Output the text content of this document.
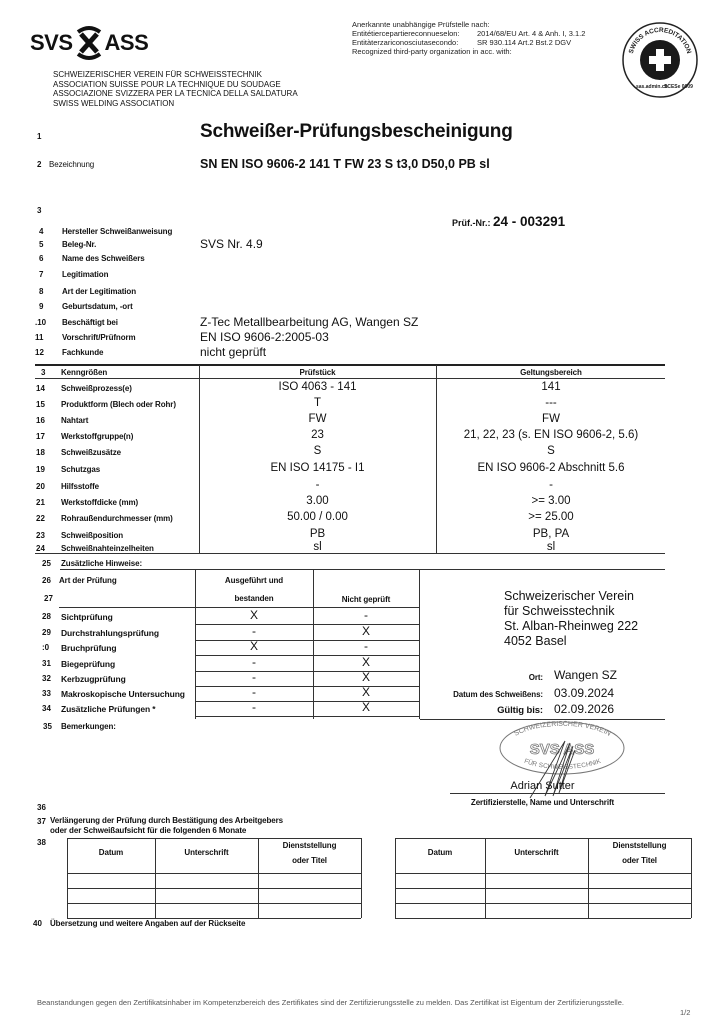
SVS ASS
SCHWEIZERISCHER VEREIN FÜR SCHWEISSTECHNIK
ASSOCIATION SUISSE POUR LA TECHNIQUE DU SOUDAGE
ASSOCIAZIONE SVIZZERA PER LA TECNICA DELLA SALDATURA
SWISS WELDING ASSOCIATION
Anerkannte unabhängige Prüfstelle nach:
Entitétiercepartiereconnueselon:	2014/68/EU Art. 4 & Anh. I, 3.1.2
Entitàterzariconosciutasecondo:	SR 930.114 Art.2 Bst.2 DGV
Recognized third-party organization in acc. with:	SWISS ACCREDITATION
sas.admin.ch
SCESe 0009
1	Schweißer-Prüfungsbescheinigung
2 Bezeichnung	SN EN ISO 9606-2 141 T FW 23 S t3,0 D50,0 PB sl
3
Prüf.-Nr.: 24 - 003291
4 Hersteller Schweißanweisung
5 Beleg-Nr.	SVS Nr. 4.9
6 Name des Schweißers
7 Legitimation
8 Art der Legitimation
9 Geburtsdatum, -ort
.10 Beschäftigt bei	Z-Tec Metallbearbeitung AG, Wangen SZ
11 Vorschrift/Prüfnorm	EN ISO 9606-2:2005-03
12 Fachkunde	nicht geprüft
3 Kenngrößen	Prüfstück	Geltungsbereich
14 Schweißprozess(e)	ISO 4063 - 141	141
15 Produktform (Blech oder Rohr)	T	---
16 Nahtart	FW	FW
17 Werkstoffgruppe(n)	23	21, 22, 23 (s. EN ISO 9606-2, 5.6)
18 Schweißzusätze	S	S
19 Schutzgas	EN ISO 14175 - I1	EN ISO 9606-2 Abschnitt 5.6
20 Hilfsstoffe	-	-
21 Werkstoffdicke (mm)	3.00	>= 3.00
22 Rohraußendurchmesser (mm)	50.00 / 0.00	>= 25.00
23 Schweißposition	PB	PB, PA
24 Schweißnahteinzelheiten	sl	sl
25 Zusätzliche Hinweise:
26 Art der Prüfung	Ausgeführt und
27	bestanden	Nicht geprüft
28 Sichtprüfung	X	-
29 Durchstrahlungsprüfung	-	X
:0 Bruchprüfung	X	-
31 Biegeprüfung	-	X
32 Kerbzugprüfung	-	X
33 Makroskopische Untersuchung	-	X
34 Zusätzliche Prüfungen *	-	X
35 Bemerkungen:
Schweizerischer Verein
für Schweisstechnik
St. Alban-Rheinweg 222
4052 Basel
Ort: Wangen SZ
Datum des Schweißens: 03.09.2024
Gültig bis: 02.09.2026
SCHWEIZERISCHER VEREIN
SVS ASS
FÜR SCHWEISSTECHNIK
Adrian Sutter
Zertifizierstelle, Name und Unterschrift
36
37 Verlängerung der Prüfung durch Bestätigung des Arbeitgebers
oder der Schweißaufsicht für die folgenden 6 Monate
38
Datum	Unterschrift
Dienststellung
oder Titel
Datum	Unterschrift
Dienststellung
oder Titel
40 Übersetzung und weitere Angaben auf der Rückseite
Beanstandungen gegen den Zertifikatsinhaber im Kompetenzbereich des Zertifikates sind der Zertifizierungsstelle zu melden. Das Zertifikat ist Eigentum der Zertifizierungsstelle.
1/2
